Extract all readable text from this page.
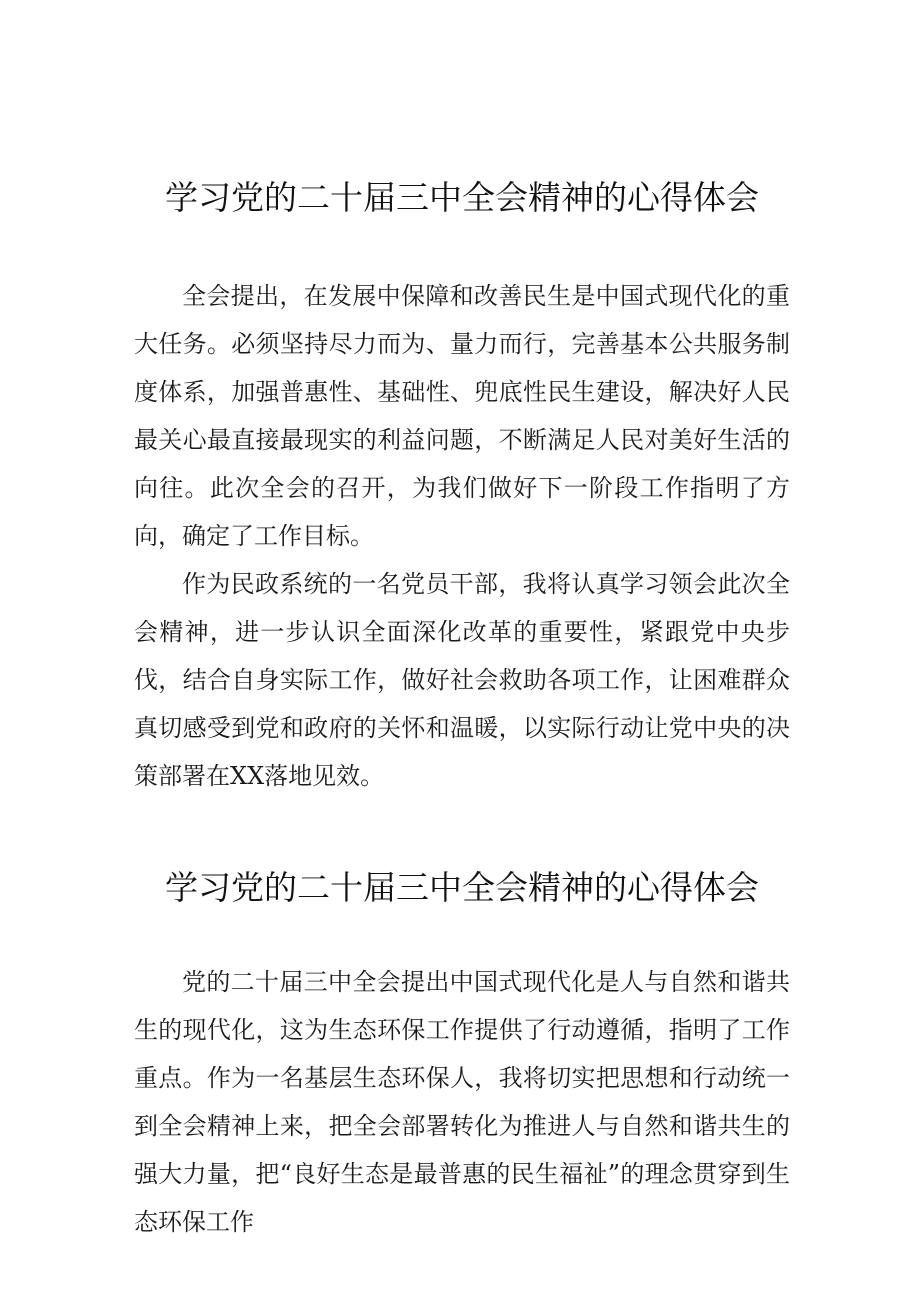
学习党的二十届三中全会精神的心得体会

全会提出，在发展中保障和改善民生是中国式现代化的重大任务。必须坚持尽力而为、量力而行，完善基本公共服务制度体系，加强普惠性、基础性、兜底性民生建设，解决好人民最关心最直接最现实的利益问题，不断满足人民对美好生活的向往。此次全会的召开，为我们做好下一阶段工作指明了方向，确定了工作目标。

作为民政系统的一名党员干部，我将认真学习领会此次全会精神，进一步认识全面深化改革的重要性，紧跟党中央步伐，结合自身实际工作，做好社会救助各项工作，让困难群众真切感受到党和政府的关怀和温暖，以实际行动让党中央的决策部署在XX落地见效。

学习党的二十届三中全会精神的心得体会

党的二十届三中全会提出中国式现代化是人与自然和谐共生的现代化，这为生态环保工作提供了行动遵循，指明了工作重点。作为一名基层生态环保人，我将切实把思想和行动统一到全会精神上来，把全会部署转化为推进人与自然和谐共生的强大力量，把“良好生态是最普惠的民生福祉”的理念贯穿到生态环保工作
